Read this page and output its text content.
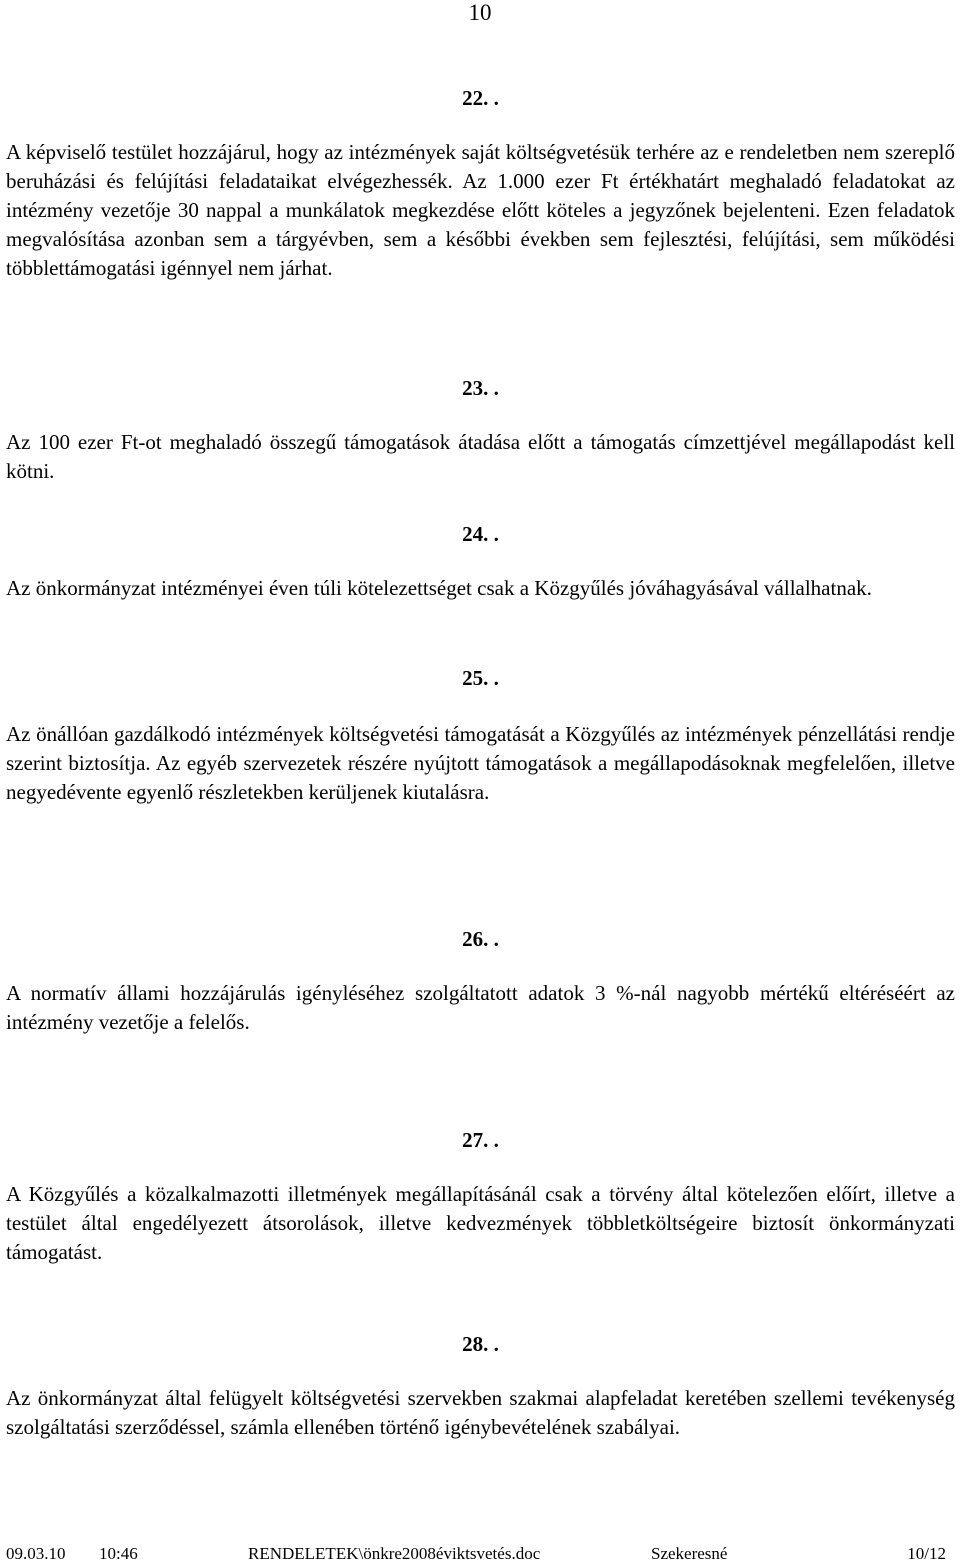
10

22. .

A képviselő testület hozzájárul, hogy az intézmények saját költségvetésük terhére az e rendeletben nem szereplő beruházási és felújítási feladataikat elvégezhessék. Az 1.000 ezer Ft értékhatárt meghaladó feladatokat az intézmény vezetője 30 nappal a munkálatok megkezdése előtt köteles a jegyzőnek bejelenteni. Ezen feladatok megvalósítása azonban sem a tárgyévben, sem a későbbi években sem fejlesztési, felújítási, sem működési többlettámogatási igénnyel nem járhat.

23. .

Az 100 ezer Ft-ot meghaladó összegű támogatások átadása előtt a támogatás címzettjével megállapodást kell kötni.

24. .

Az önkormányzat intézményei éven túli kötelezettséget csak a Közgyűlés jóváhagyásával vállalhatnak.

25. .

Az önállóan gazdálkodó intézmények költségvetési támogatását a Közgyűlés az intézmények pénzellátási rendje szerint biztosítja. Az egyéb szervezetek részére nyújtott támogatások a megállapodásoknak megfelelően, illetve negyedévente egyenlő részletekben kerüljenek kiutalásra.

26. .

A normatív állami hozzájárulás igényléséhez szolgáltatott adatok 3 %-nál nagyobb mértékű eltéréséért az intézmény vezetője a felelős.

27. .

A Közgyűlés a közalkalmazotti illetmények megállapításánál csak a törvény által kötelezően előírt, illetve a testület által engedélyezett átsorolások, illetve kedvezmények többletköltségeire biztosít önkormányzati támogatást.

28. .

Az önkormányzat által felügyelt költségvetési szervekben szakmai alapfeladat keretében szellemi tevékenység szolgáltatási szerződéssel, számla ellenében történő igénybevételének szabályai.

09.03.10 10:46	RENDELETEK\önkre2008éviktsvetés.doc	Szekeresné	10/12
